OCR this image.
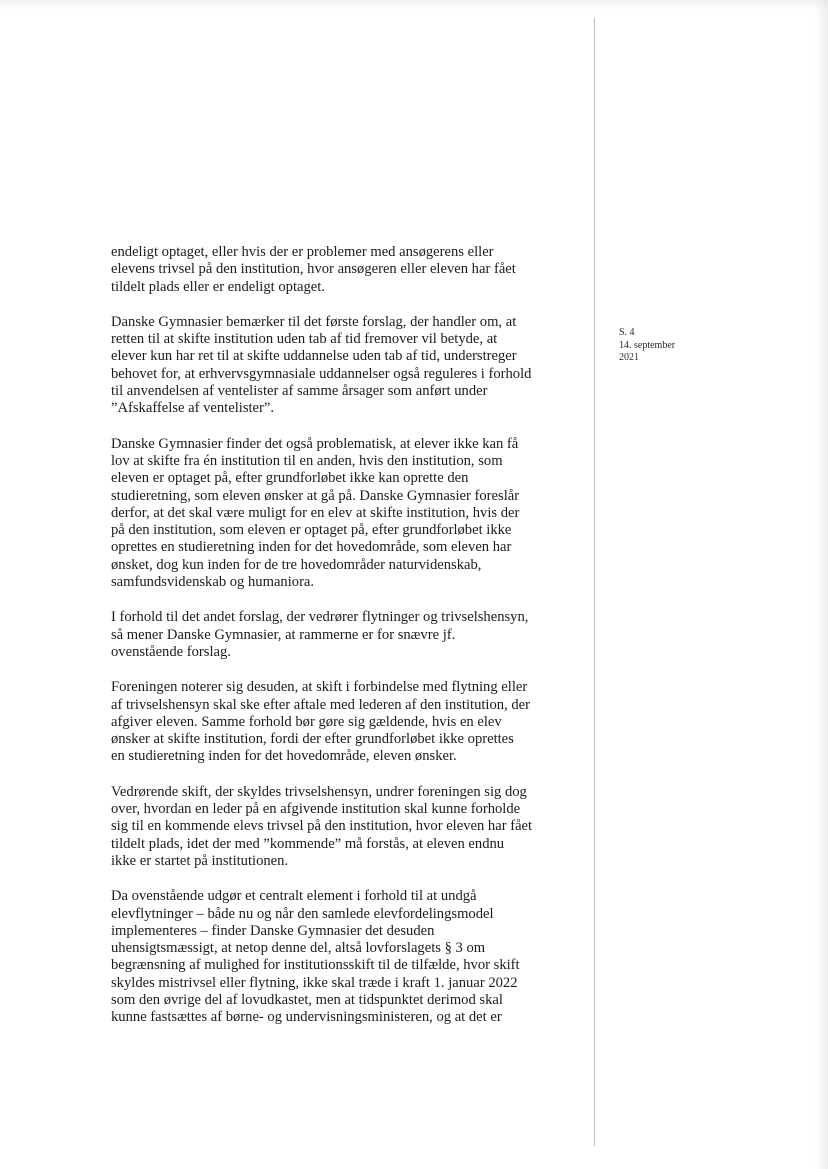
endeligt optaget, eller hvis der er problemer med ansøgerens eller
elevens trivsel på den institution, hvor ansøgeren eller eleven har fået
tildelt plads eller er endeligt optaget.

Danske Gymnasier bemærker til det første forslag, der handler om, at
retten til at skifte institution uden tab af tid fremover vil betyde, at
elever kun har ret til at skifte uddannelse uden tab af tid, understreger
behovet for, at erhvervsgymnasiale uddannelser også reguleres i forhold
til anvendelsen af ventelister af samme årsager som anført under
”Afskaffelse af ventelister”.

Danske Gymnasier finder det også problematisk, at elever ikke kan få
lov at skifte fra én institution til en anden, hvis den institution, som
eleven er optaget på, efter grundforløbet ikke kan oprette den
studieretning, som eleven ønsker at gå på. Danske Gymnasier foreslår
derfor, at det skal være muligt for en elev at skifte institution, hvis der
på den institution, som eleven er optaget på, efter grundforløbet ikke
oprettes en studieretning inden for det hovedområde, som eleven har
ønsket, dog kun inden for de tre hovedområder naturvidenskab,
samfundsvidenskab og humaniora.

I forhold til det andet forslag, der vedrører flytninger og trivselshensyn,
så mener Danske Gymnasier, at rammerne er for snævre jf.
ovenstående forslag.

Foreningen noterer sig desuden, at skift i forbindelse med flytning eller
af trivselshensyn skal ske efter aftale med lederen af den institution, der
afgiver eleven. Samme forhold bør gøre sig gældende, hvis en elev
ønsker at skifte institution, fordi der efter grundforløbet ikke oprettes
en studieretning inden for det hovedområde, eleven ønsker.

Vedrørende skift, der skyldes trivselshensyn, undrer foreningen sig dog
over, hvordan en leder på en afgivende institution skal kunne forholde
sig til en kommende elevs trivsel på den institution, hvor eleven har fået
tildelt plads, idet der med ”kommende” må forstås, at eleven endnu
ikke er startet på institutionen.

Da ovenstående udgør et centralt element i forhold til at undgå
elevflytninger – både nu og når den samlede elevfordelingsmodel
implementeres – finder Danske Gymnasier det desuden
uhensigtsmæssigt, at netop denne del, altså lovforslagets § 3 om
begrænsning af mulighed for institutionsskift til de tilfælde, hvor skift
skyldes mistrivsel eller flytning, ikke skal træde i kraft 1. januar 2022
som den øvrige del af lovudkastet, men at tidspunktet derimod skal
kunne fastsættes af børne- og undervisningsministeren, og at det er

S. 4
14. september
2021
